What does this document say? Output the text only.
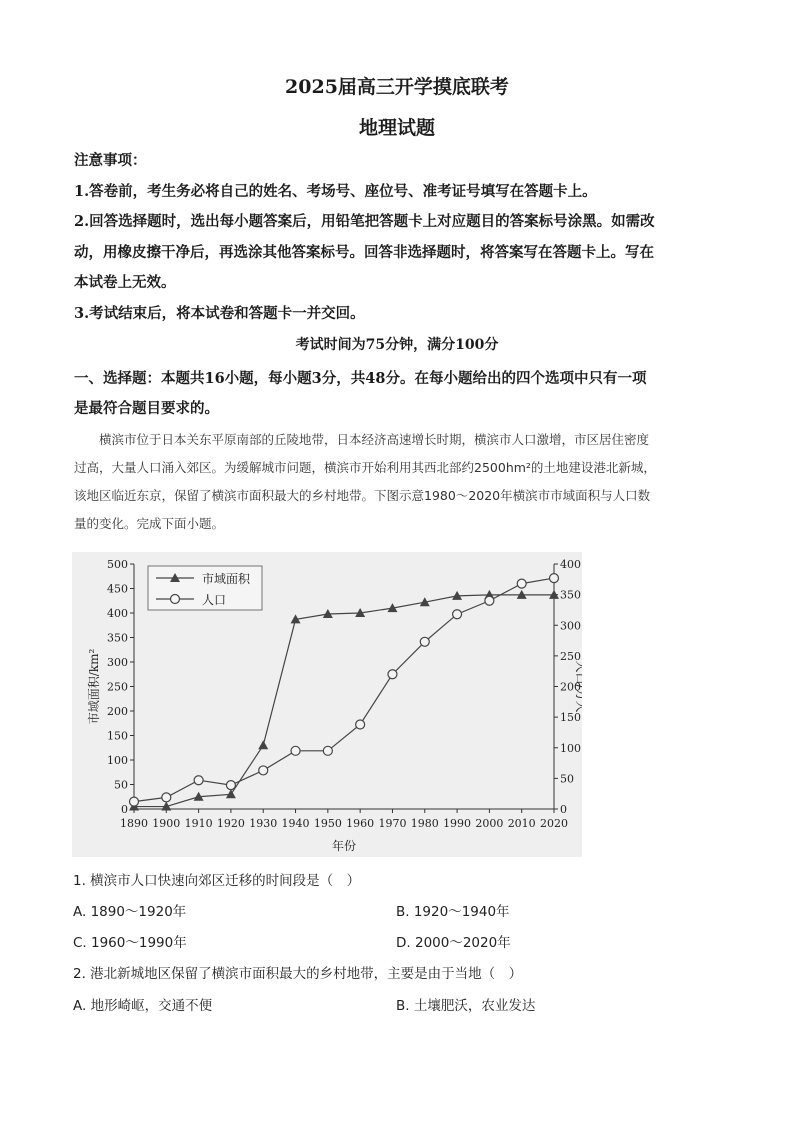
2025届高三开学摸底联考
地理试题
注意事项：
1.答卷前，考生务必将自己的姓名、考场号、座位号、准考证号填写在答题卡上。
2.回答选择题时，选出每小题答案后，用铅笔把答题卡上对应题目的答案标号涂黑。如需改
动，用橡皮擦干净后，再选涂其他答案标号。回答非选择题时，将答案写在答题卡上。写在
本试卷上无效。
3.考试结束后，将本试卷和答题卡一并交回。
考试时间为75分钟，满分100分
一、选择题：本题共16小题，每小题3分，共48分。在每小题给出的四个选项中只有一项
是最符合题目要求的。
横滨市位于日本关东平原南部的丘陵地带，日本经济高速增长时期，横滨市人口激增，市区居住密度
过高，大量人口涌入郊区。为缓解城市问题，横滨市开始利用其西北部约2500hm²的土地建设港北新城，
该地区临近东京，保留了横滨市面积最大的乡村地带。下图示意1980～2020年横滨市市域面积与人口数
量的变化。完成下面小题。
0
50
100
150
200
250
300
350
400
450
500
0
50
100
150
200
250
300
350
400
1890 1900 1910 1920 1930 1940 1950 1960 1970 1980 1990 2000 2010 2020
年份
市域面积/km²	人口/万人
市域面积
人口
1. 横滨市人口快速向郊区迁移的时间段是（　）
A. 1890～1920年	B. 1920～1940年
C. 1960～1990年	D. 2000～2020年
2. 港北新城地区保留了横滨市面积最大的乡村地带，主要是由于当地（　）
A. 地形崎岖，交通不便	B. 土壤肥沃，农业发达
